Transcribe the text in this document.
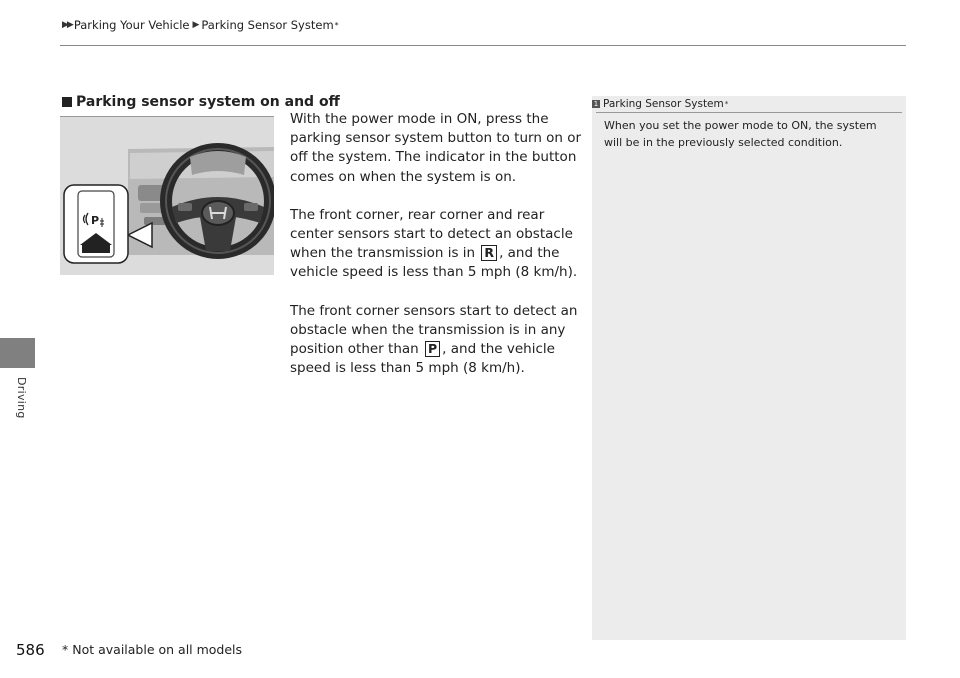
▶▶ Parking Your Vehicle ▶ Parking Sensor System *
Driving
Parking sensor system on and off
P

With the power mode in ON, press the parking sensor system button to turn on or off the system. The indicator in the button comes on when the system is on.

The front corner, rear corner and rear center sensors start to detect an obstacle when the transmission is in R , and the vehicle speed is less than 5 mph (8 km/h).

The front corner sensors start to detect an obstacle when the transmission is in any position other than P , and the vehicle speed is less than 5 mph (8 km/h).

1 Parking Sensor System *
When you set the power mode to ON, the system will be in the previously selected condition.
586 * Not available on all models
